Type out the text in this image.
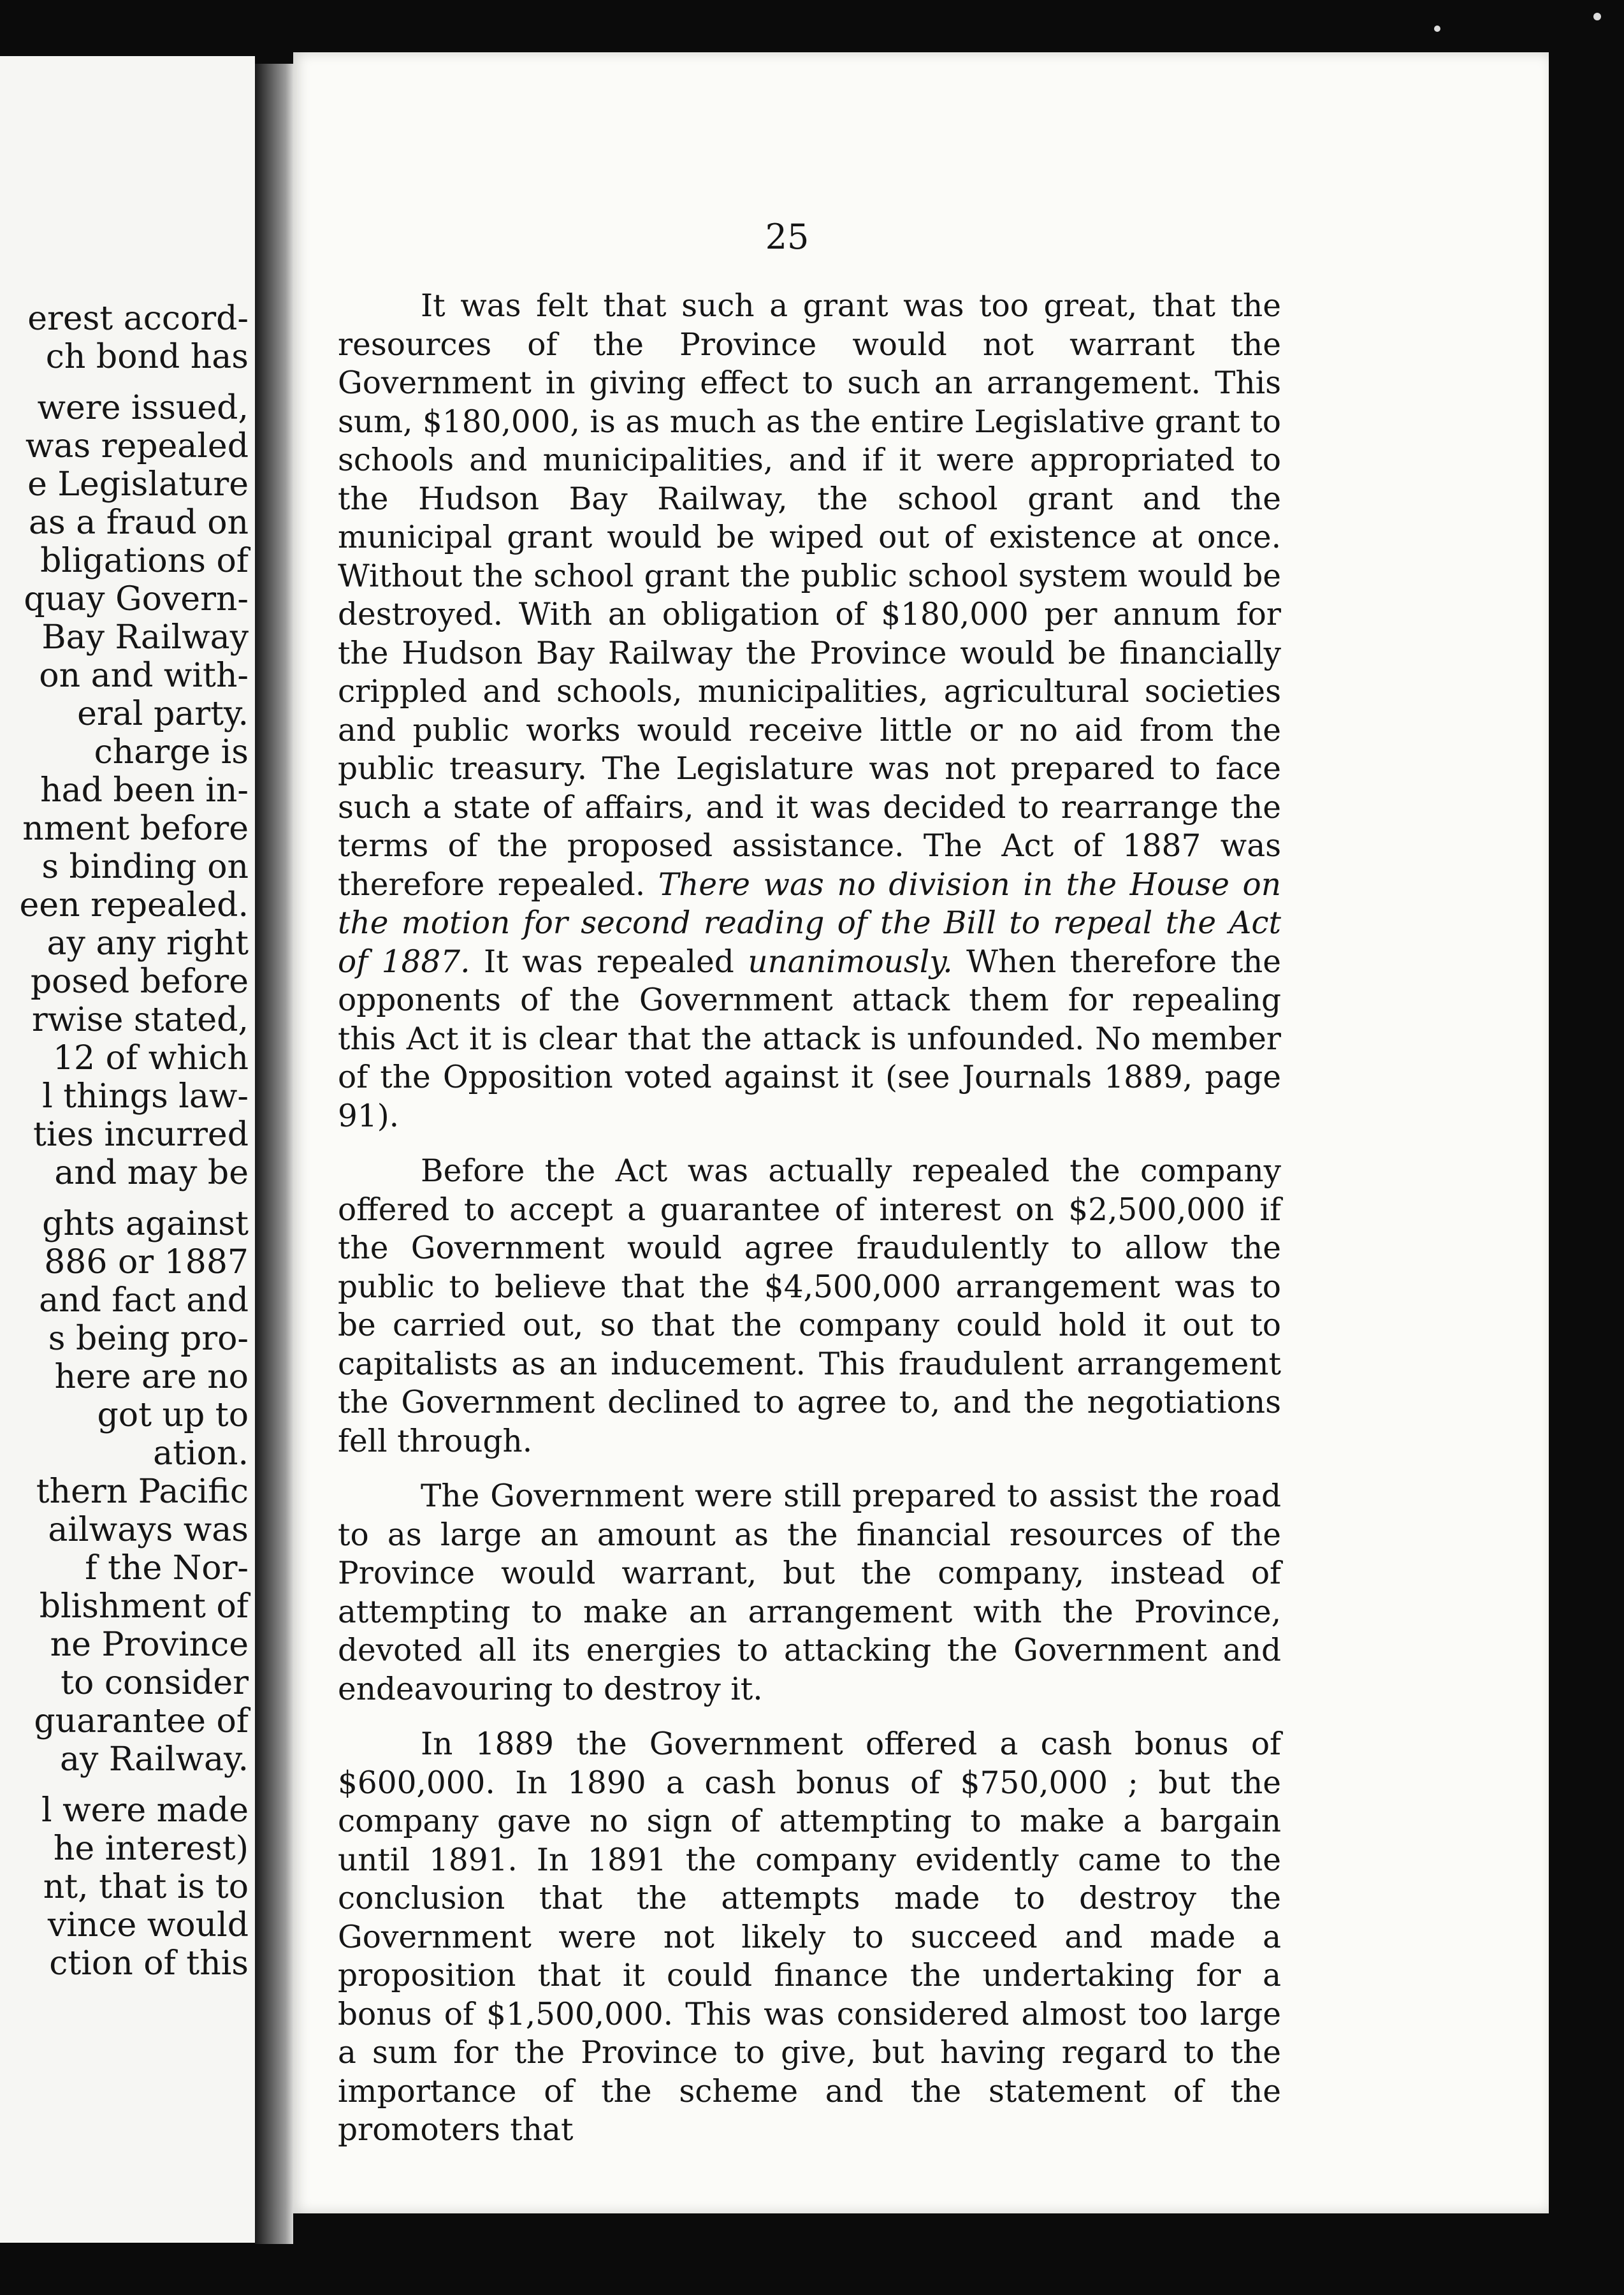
erest accord-
ch bond has
were issued,
was repealed
e Legislature
as a fraud on
bligations of
quay Govern-
Bay Railway
on and with-
eral party.
charge is
had been in-
nment before
s binding on
een repealed.
ay any right
posed before
rwise stated,
12 of which
l things law-
ties incurred
and may be
ghts against
886 or 1887
and fact and
s being pro-
here are no
got up to
ation.
thern Pacific
ailways was
f the Nor-
blishment of
ne Province
to consider
guarantee of
ay Railway.
l were made
he interest)
nt, that is to
vince would
ction of this
25

It was felt that such a grant was too great, that the resources of the Province would not warrant the Government in giving effect to such an arrangement. This sum, $180,000, is as much as the entire Legislative grant to schools and municipalities, and if it were appropriated to the Hudson Bay Railway, the school grant and the municipal grant would be wiped out of existence at once. Without the school grant the public school system would be destroyed. With an obligation of $180,000 per annum for the Hudson Bay Railway the Province would be financially crippled and schools, municipalities, agricultural societies and public works would receive little or no aid from the public treasury. The Legislature was not prepared to face such a state of affairs, and it was decided to rearrange the terms of the proposed assistance. The Act of 1887 was therefore repealed. There was no division in the House on the motion for second reading of the Bill to repeal the Act of 1887. It was repealed unanimously. When therefore the opponents of the Government attack them for repealing this Act it is clear that the attack is unfounded. No member of the Opposition voted against it (see Journals 1889, page 91).

Before the Act was actually repealed the company offered to accept a guarantee of interest on $2,500,000 if the Government would agree fraudulently to allow the public to believe that the $4,500,000 arrangement was to be carried out, so that the company could hold it out to capitalists as an inducement. This fraudulent arrangement the Government declined to agree to, and the negotiations fell through.

The Government were still prepared to assist the road to as large an amount as the financial resources of the Province would warrant, but the company, instead of attempting to make an arrangement with the Province, devoted all its energies to attacking the Government and endeavouring to destroy it.

In 1889 the Government offered a cash bonus of $600,000. In 1890 a cash bonus of $750,000 ; but the company gave no sign of attempting to make a bargain until 1891. In 1891 the company evidently came to the conclusion that the attempts made to destroy the Government were not likely to succeed and made a proposition that it could finance the undertaking for a bonus of $1,500,000. This was considered almost too large a sum for the Province to give, but having regard to the importance of the scheme and the statement of the promoters that
